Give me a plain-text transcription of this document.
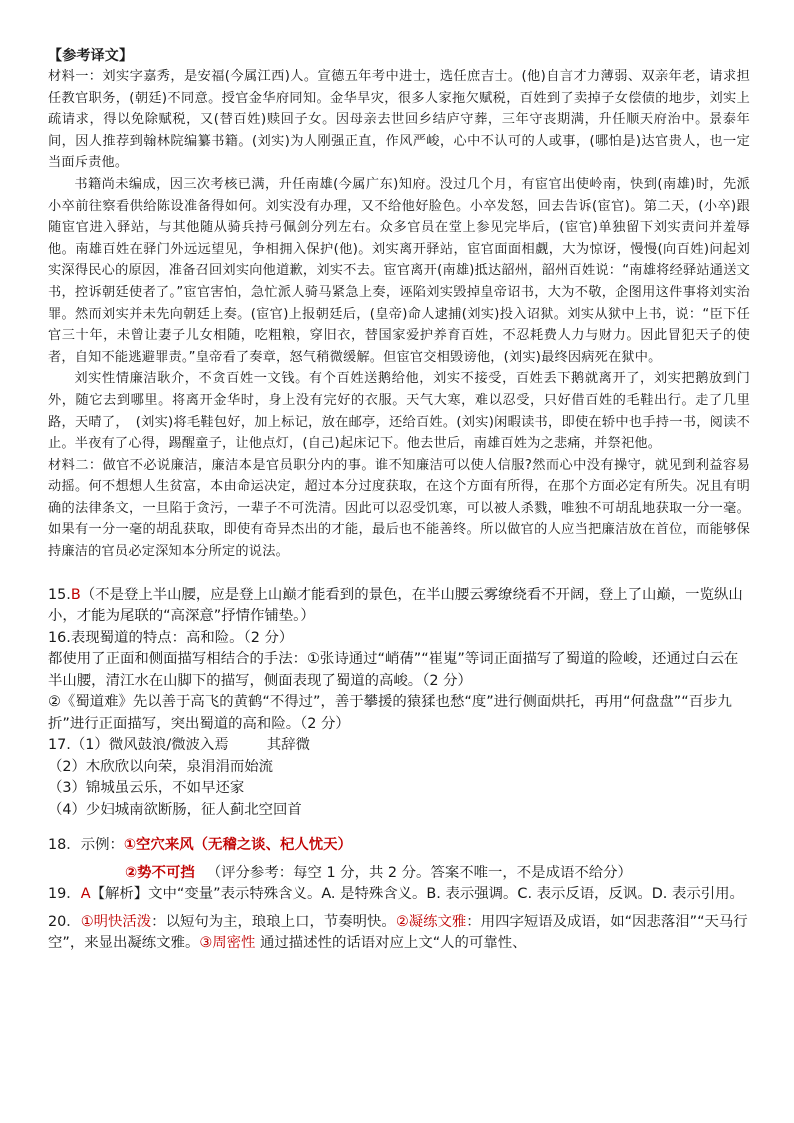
【参考译文】

材料一：刘实字嘉秀，是安福(今属江西)人。宣德五年考中进士，选任庶吉士。(他)自言才力薄弱、双亲年老，请求担任教官职务，(朝廷)不同意。授官金华府同知。金华旱灾，很多人家拖欠赋税，百姓到了卖掉子女偿债的地步，刘实上疏请求，得以免除赋税，又(替百姓)赎回子女。因母亲去世回乡结庐守葬，三年守丧期满，升任顺天府治中。景泰年间，因人推荐到翰林院编纂书籍。(刘实)为人刚强正直，作风严峻，心中不认可的人或事，(哪怕是)达官贵人，也一定当面斥责他。

书籍尚未编成，因三次考核已满，升任南雄(今属广东)知府。没过几个月，有宦官出使岭南，快到(南雄)时，先派小卒前往察看供给陈设准备得如何。刘实没有办理，又不给他好脸色。小卒发怒，回去告诉(宦官)。第二天，(小卒)跟随宦官进入驿站，与其他随从骑兵持弓佩剑分列左右。众多官员在堂上参见完毕后，(宦官)单独留下刘实责问并羞辱他。南雄百姓在驿门外远远望见，争相拥入保护(他)。刘实离开驿站，宦官面面相觑，大为惊讶，慢慢(向百姓)问起刘实深得民心的原因，准备召回刘实向他道歉，刘实不去。宦官离开(南雄)抵达韶州，韶州百姓说：“南雄将经驿站通送文书，控诉朝廷使者了。”宦官害怕，急忙派人骑马紧急上奏，诬陷刘实毁掉皇帝诏书，大为不敬，企图用这件事将刘实治罪。然而刘实并未先向朝廷上奏。(宦官)上报朝廷后，(皇帝)命人逮捕(刘实)投入诏狱。刘实从狱中上书，说：“臣下任官三十年，未曾让妻子儿女相随，吃粗粮，穿旧衣，替国家爱护养育百姓，不忍耗费人力与财力。因此冒犯天子的使者，自知不能逃避罪责。”皇帝看了奏章，怒气稍微缓解。但宦官交相毁谤他，(刘实)最终因病死在狱中。

刘实性情廉洁耿介，不贪百姓一文钱。有个百姓送鹅给他，刘实不接受，百姓丢下鹅就离开了，刘实把鹅放到门外，随它去到哪里。将离开金华时，身上没有完好的衣服。天气大寒，难以忍受，只好借百姓的毛鞋出行。走了几里路，天晴了，　(刘实)将毛鞋包好，加上标记，放在邮亭，还给百姓。(刘实)闲暇读书，即使在轿中也手持一书，阅读不止。半夜有了心得，踢醒童子，让他点灯，(自己)起床记下。他去世后，南雄百姓为之悲痛，并祭祀他。

材料二：做官不必说廉洁，廉洁本是官员职分内的事。谁不知廉洁可以使人信服?然而心中没有操守，就见到利益容易动摇。何不想想人生贫富，本由命运决定，超过本分过度获取，在这个方面有所得，在那个方面必定有所失。况且有明确的法律条文，一旦陷于贪污，一辈子不可洗清。因此可以忍受饥寒，可以被人杀戮，唯独不可胡乱地获取一分一毫。如果有一分一毫的胡乱获取，即使有奇异杰出的才能，最后也不能善终。所以做官的人应当把廉洁放在首位，而能够保持廉洁的官员必定深知本分所定的说法。

15.B（不是登上半山腰，应是登上山巅才能看到的景色，在半山腰云雾缭绕看不开阔，登上了山巅，一览纵山小，才能为尾联的“高深意”抒情作铺垫。）

16.表现蜀道的特点：高和险。（2 分）

都使用了正面和侧面描写相结合的手法：①张诗通过“峭蒨”“崔嵬”等词正面描写了蜀道的险峻，还通过白云在半山腰，清江水在山脚下的描写，侧面表现了蜀道的高峻。（2 分）

②《蜀道难》先以善于高飞的黄鹤“不得过”，善于攀援的猿猱也愁“度”进行侧面烘托，再用“何盘盘”“百步九折”进行正面描写，突出蜀道的高和险。（2 分）

17.（1）微风鼓浪/微波入焉	其辞微

（2）木欣欣以向荣，泉涓涓而始流

（3）锦城虽云乐，不如早还家

（4）少妇城南欲断肠，征人蓟北空回首

18．示例：①空穴来风（无稽之谈、杞人忧天）

②势不可挡 （评分参考：每空 1 分，共 2 分。答案不唯一，不是成语不给分）

19．A【解析】文中“变量”表示特殊含义。A. 是特殊含义。B. 表示强调。C. 表示反语，反讽。D. 表示引用。

20．①明快活泼：以短句为主，琅琅上口，节奏明快。②凝练文雅：用四字短语及成语，如“因悲落泪”“天马行空”，来显出凝练文雅。③周密性 通过描述性的话语对应上文“人的可靠性、
